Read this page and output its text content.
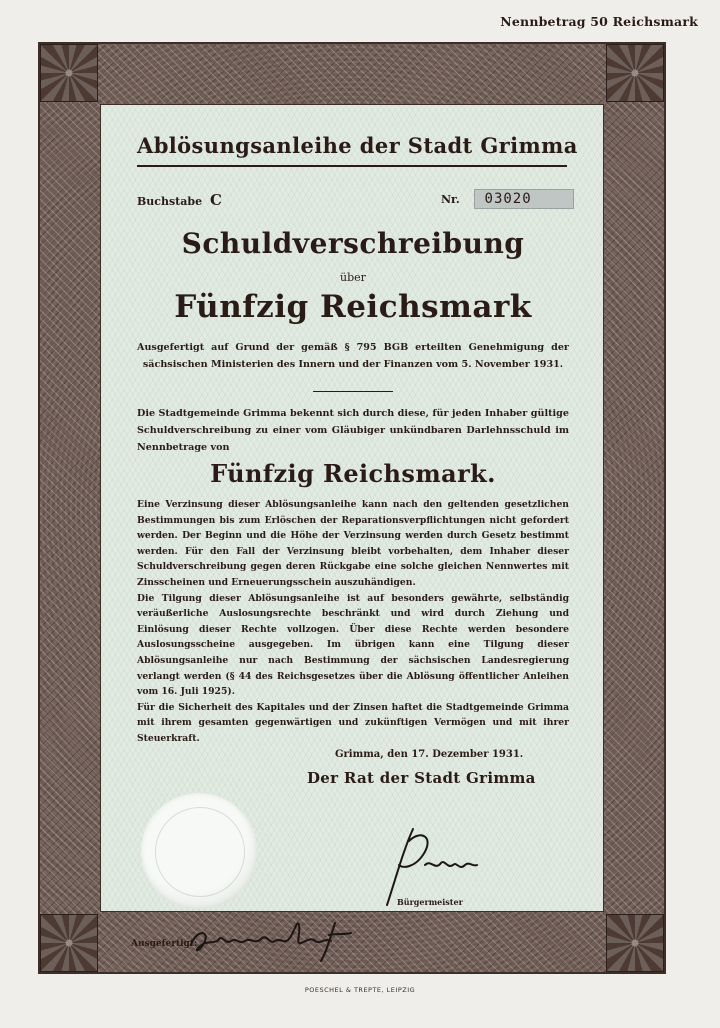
Nennbetrag 50 Reichsmark
Ablösungsanleihe der Stadt Grimma
Buchstabe C	Nr. 03020
Schuldverschreibung
über
Fünfzig Reichsmark
Ausgefertigt auf Grund der gemäß § 795 BGB erteilten Genehmigung der sächsischen Ministerien des Innern und der Finanzen vom 5. November 1931.
Die Stadtgemeinde Grimma bekennt sich durch diese, für jeden Inhaber gültige Schuldverschreibung zu einer vom Gläubiger unkündbaren Darlehnsschuld im Nennbetrage von
Fünfzig Reichsmark.

Eine Verzinsung dieser Ablösungsanleihe kann nach den geltenden gesetzlichen Bestimmungen bis zum Erlöschen der Reparationsverpflichtungen nicht gefordert werden. Der Beginn und die Höhe der Verzinsung werden durch Gesetz bestimmt werden. Für den Fall der Verzinsung bleibt vorbehalten, dem Inhaber dieser Schuldverschreibung gegen deren Rückgabe eine solche gleichen Nennwertes mit Zinsscheinen und Erneuerungsschein auszuhändigen.

Die Tilgung dieser Ablösungsanleihe ist auf besonders gewährte, selbständig veräußerliche Auslosungsrechte beschränkt und wird durch Ziehung und Einlösung dieser Rechte vollzogen. Über diese Rechte werden besondere Auslosungsscheine ausgegeben. Im übrigen kann eine Tilgung dieser Ablösungsanleihe nur nach Bestimmung der sächsischen Landesregierung verlangt werden (§ 44 des Reichsgesetzes über die Ablösung öffentlicher Anleihen vom 16. Juli 1925).

Für die Sicherheit des Kapitales und der Zinsen haftet die Stadtgemeinde Grimma mit ihrem gesamten gegenwärtigen und zukünftigen Vermögen und mit ihrer Steuerkraft.

Grimma, den 17. Dezember 1931.
Der Rat der Stadt Grimma
Bürgermeister
Ausgefertigt:
POESCHEL & TREPTE, LEIPZIG
